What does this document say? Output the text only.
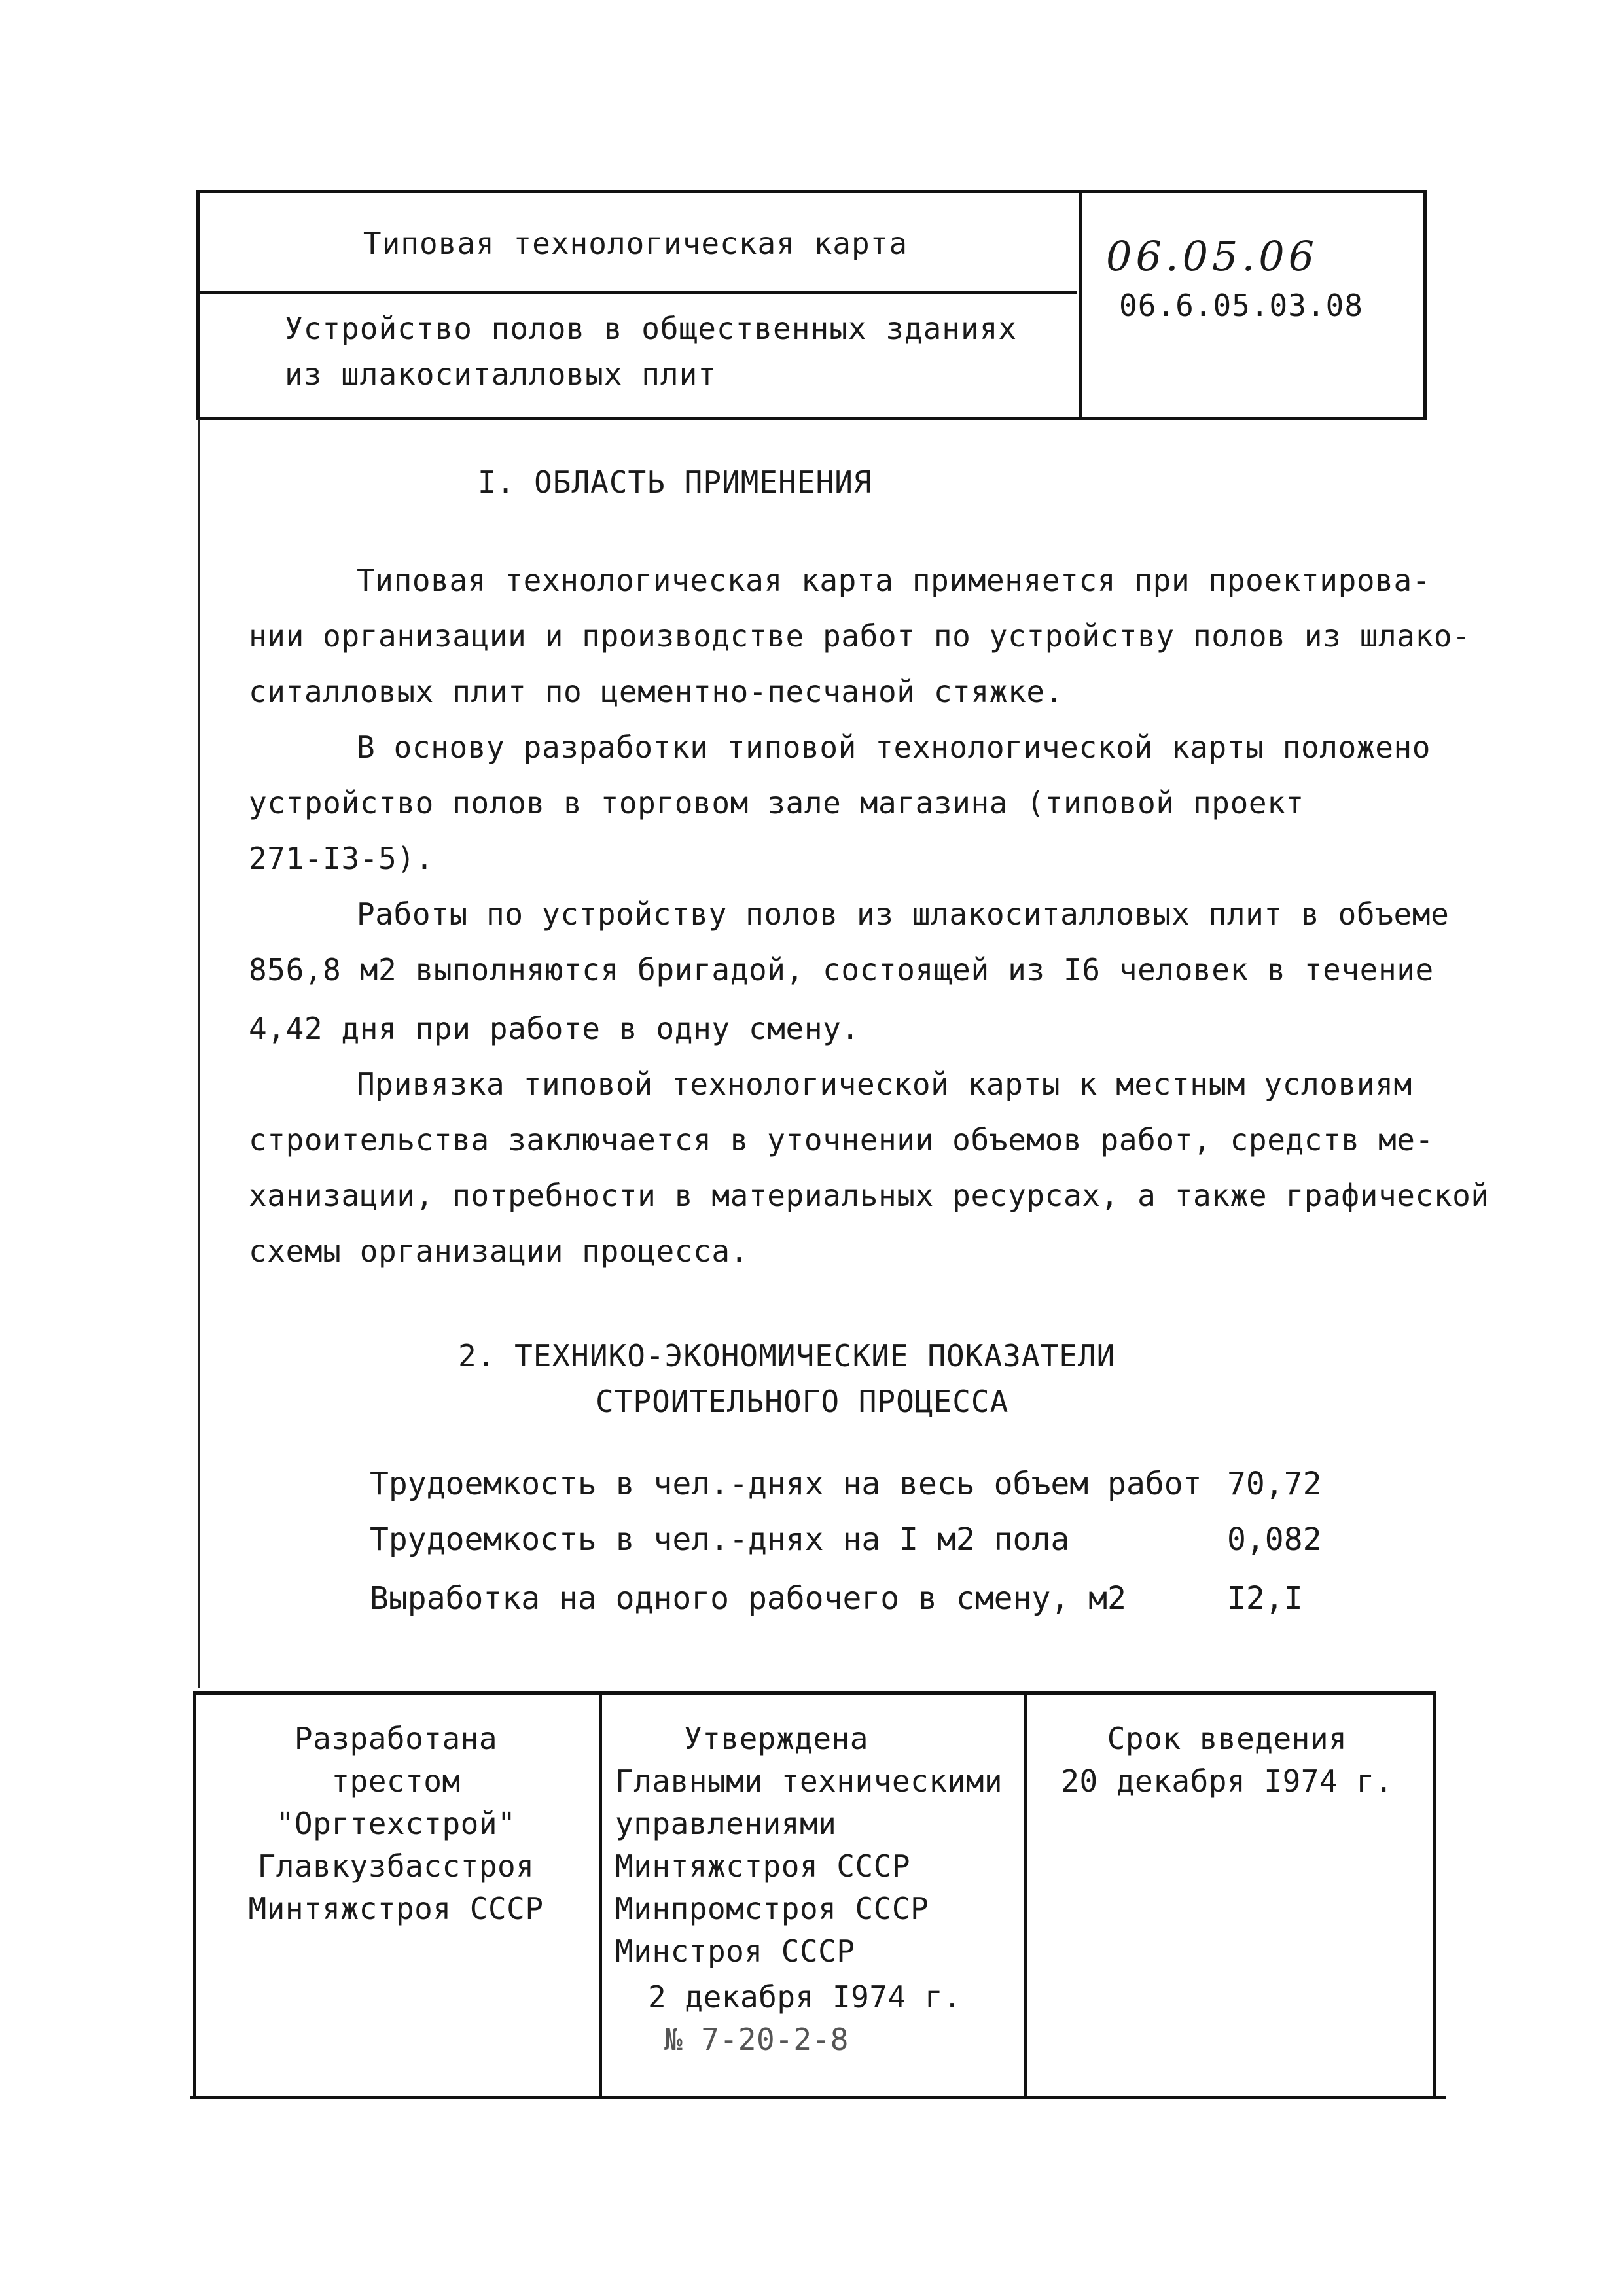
Типовая технологическая карта
Устройство полов в общественных зданиях
из шлакоситалловых плит
06.05.06
06.6.05.03.08
I. ОБЛАСТЬ ПРИМЕНЕНИЯ
Типовая технологическая карта применяется при проектирова-
нии организации и производстве работ по устройству полов из шлако-
ситалловых плит по цементно-песчаной стяжке.
В основу разработки типовой технологической карты положено
устройство полов в торговом зале магазина (типовой проект
271-I3-5).
Работы по устройству полов из шлакоситалловых плит в объеме
856,8 м2 выполняются бригадой, состоящей из I6 человек в течение
4,42 дня при работе в одну смену.
Привязка типовой технологической карты к местным условиям
строительства заключается в уточнении объемов работ, средств ме-
ханизации, потребности в материальных ресурсах, а также графической
схемы организации процесса.
2. ТЕХНИКО-ЭКОНОМИЧЕСКИЕ ПОКАЗАТЕЛИ
СТРОИТЕЛЬНОГО ПРОЦЕССА
Трудоемкость в чел.-днях на весь объем работ 70,72
Трудоемкость в чел.-днях на I м2 пола	0,082
Выработка на одного рабочего в смену, м2	I2,I
Разработана
трестом
"Оргтехстрой"
Главкузбасстроя
Минтяжстроя СССР
Утверждена
Главными техническими
управлениями
Минтяжстроя СССР
Минпромстроя СССР
Минстроя СССР
2 декабря I974 г.
№ 7-20-2-8
Срок введения
20 декабря I974 г.
